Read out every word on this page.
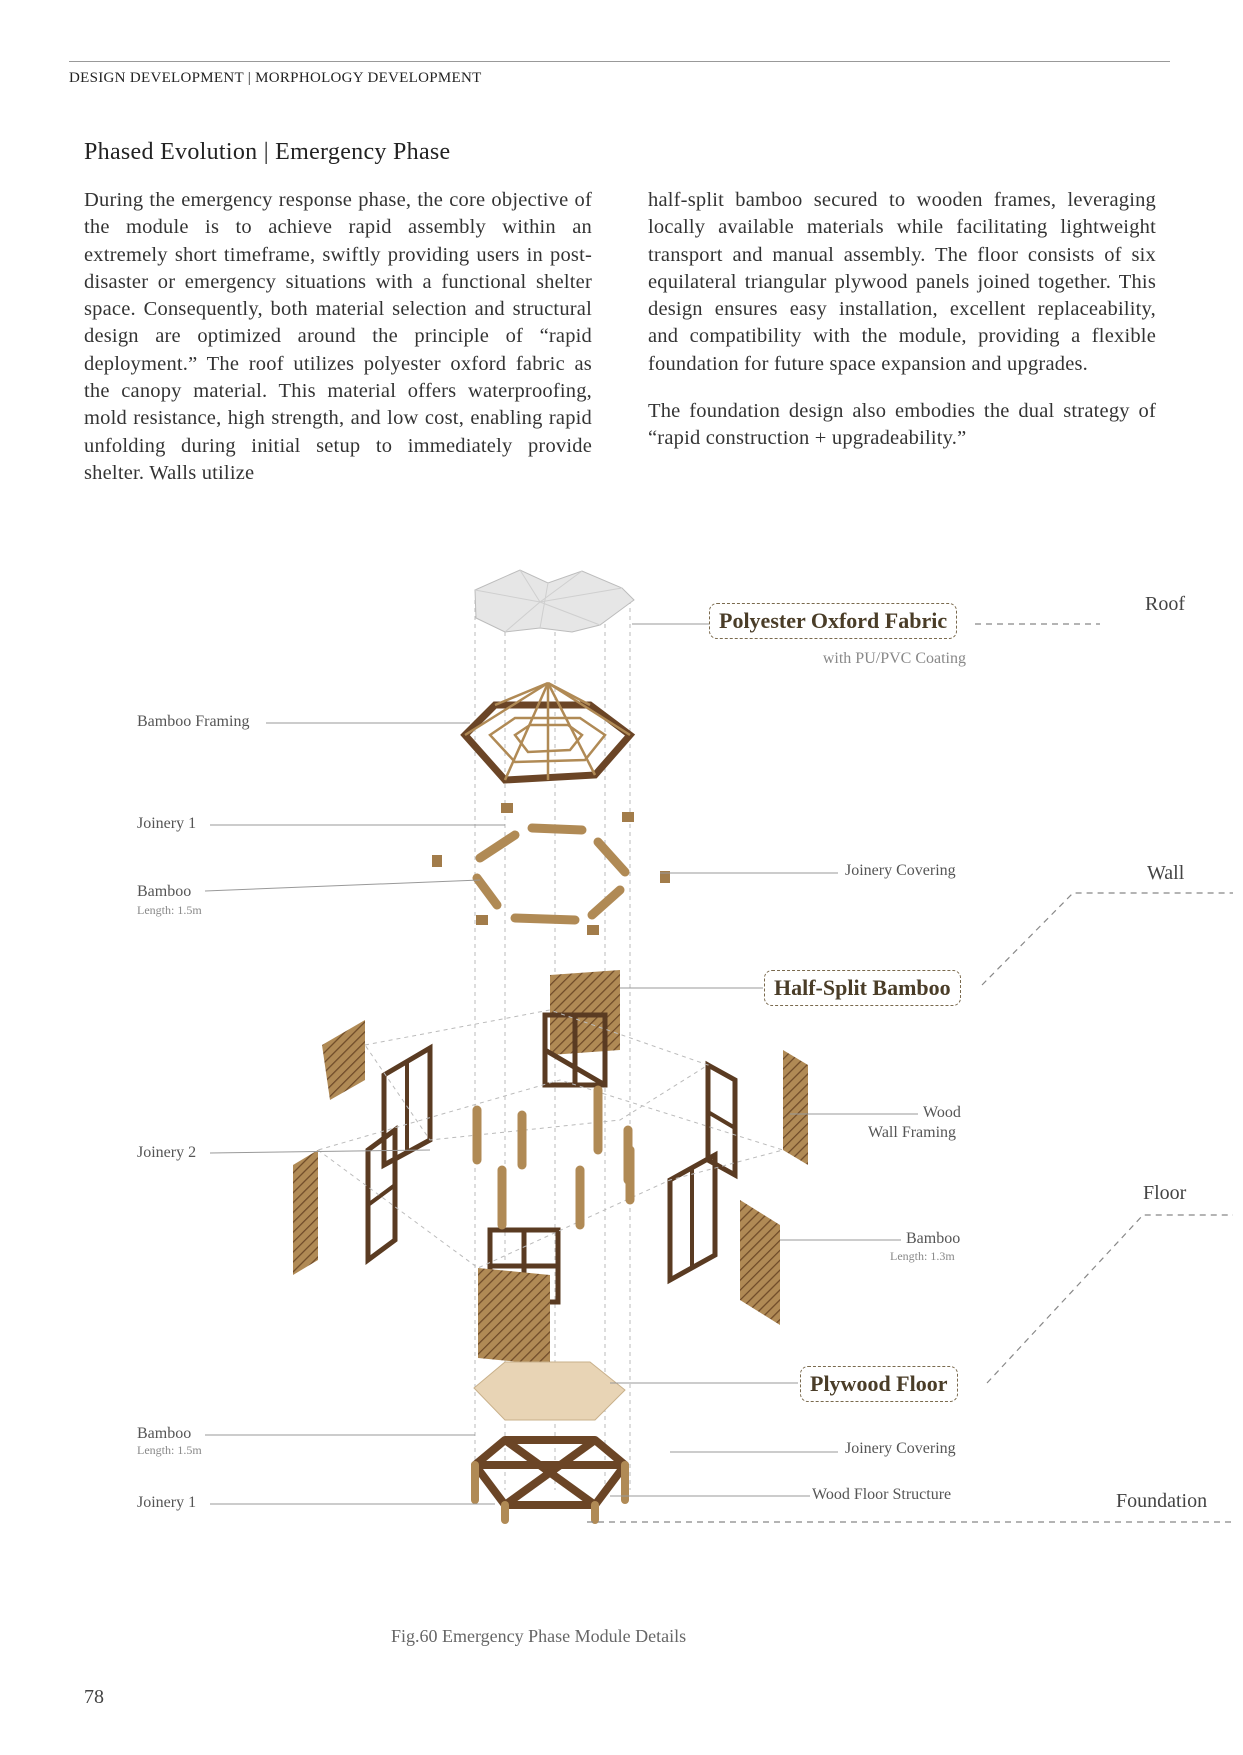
DESIGN DEVELOPMENT | MORPHOLOGY DEVELOPMENT
Phased Evolution | Emergency Phase

During the emergency response phase, the core objective of the module is to achieve rapid assembly within an extremely short timeframe, swiftly providing users in post-disaster or emergency situations with a functional shelter space. Consequently, both material selection and structural design are optimized around the principle of “rapid deployment.” The roof utilizes polyester oxford fabric as the canopy material. This material offers waterproofing, mold resistance, high strength, and low cost, enabling rapid unfolding during initial setup to immediately provide shelter. Walls utilize

half-split bamboo secured to wooden frames, leveraging locally available materials while facilitating lightweight transport and manual assembly. The floor consists of six equilateral triangular plywood panels joined together. This design ensures easy installation, excellent replaceability, and compatibility with the module, providing a flexible foundation for future space expansion and upgrades.

The foundation design also embodies the dual strategy of “rapid construction + upgradeability.”

Polyester Oxford Fabric
with PU/PVC Coating
Half-Split Bamboo
Plywood Floor
Roof
Wall
Floor
Foundation
Bamboo Framing
Joinery 1
Bamboo
Length: 1.5m
Joinery 2
Bamboo
Length: 1.5m
Joinery 1
Joinery Covering
Wood
Wall Framing
Bamboo
Length: 1.3m
Joinery Covering
Wood Floor Structure
Fig.60 Emergency Phase Module Details
78
